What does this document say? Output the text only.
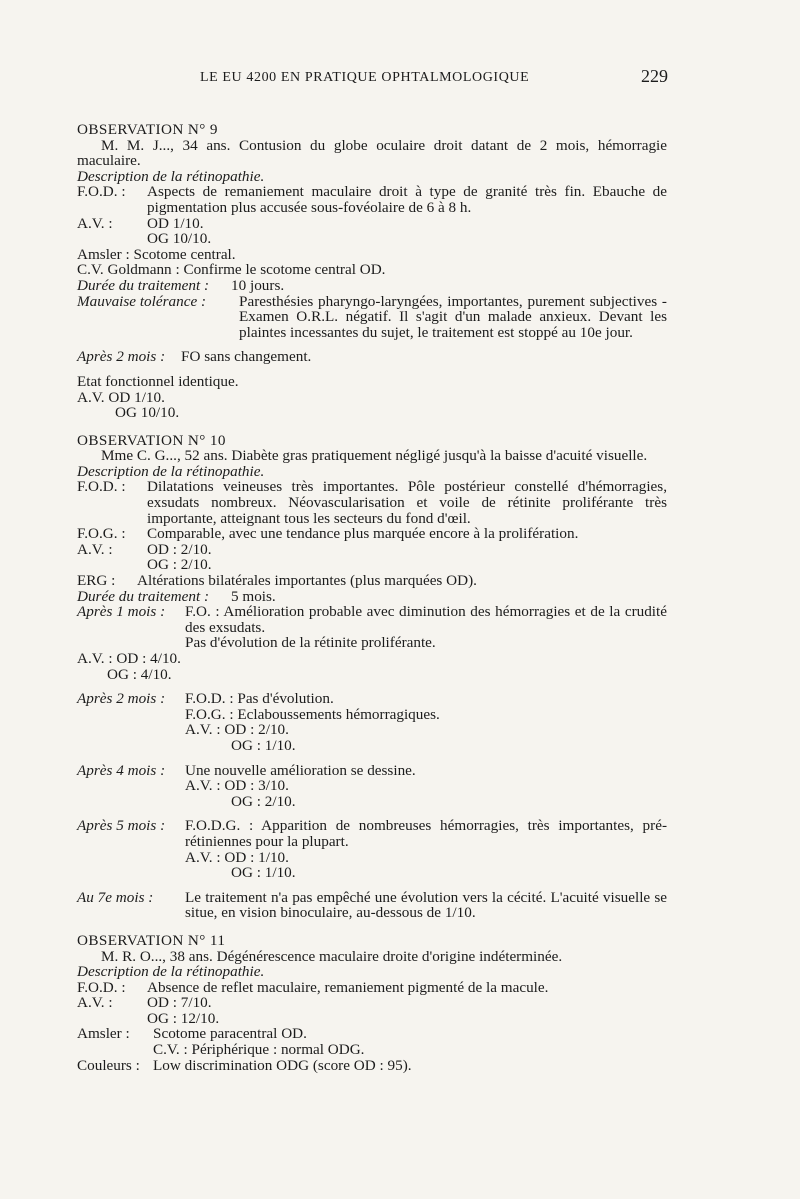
LE EU 4200 EN PRATIQUE OPHTALMOLOGIQUE	229
OBSERVATION N° 9
M. M. J..., 34 ans. Contusion du globe oculaire droit datant de 2 mois, hémorragie maculaire.
Description de la rétinopathie.
F.O.D. :	Aspects de remaniement maculaire droit à type de granité très fin. Ebauche de pigmentation plus accusée sous-fovéolaire de 6 à 8 h.
A.V. :	OD 1/10.
OG 10/10.
Amsler : Scotome central.
C.V. Goldmann : Confirme le scotome central OD.
Durée du traitement :	10 jours.
Mauvaise tolérance :	Paresthésies pharyngo-laryngées, importantes, purement subjectives - Examen O.R.L. négatif. Il s'agit d'un malade anxieux. Devant les plaintes incessantes du sujet, le traitement est stoppé au 10e jour.
Après 2 mois :	FO sans changement.
Etat fonctionnel identique.
A.V. OD 1/10.
OG 10/10.
OBSERVATION N° 10
Mme C. G..., 52 ans. Diabète gras pratiquement négligé jusqu'à la baisse d'acuité visuelle.
Description de la rétinopathie.
F.O.D. :	Dilatations veineuses très importantes. Pôle postérieur constellé d'hémorragies, exsudats nombreux. Néovascularisation et voile de rétinite proliférante très importante, atteignant tous les secteurs du fond d'œil.
F.O.G. :	Comparable, avec une tendance plus marquée encore à la prolifération.
A.V. :	OD : 2/10.
OG : 2/10.
ERG :	Altérations bilatérales importantes (plus marquées OD).
Durée du traitement :	5 mois.
Après 1 mois :	F.O. : Amélioration probable avec diminution des hémorragies et de la crudité des exsudats.
Pas d'évolution de la rétinite proliférante.
A.V. : OD : 4/10.
OG : 4/10.
Après 2 mois :	F.O.D. : Pas d'évolution.
F.O.G. : Eclaboussements hémorragiques.
A.V. : OD : 2/10.
OG : 1/10.
Après 4 mois :	Une nouvelle amélioration se dessine.
A.V. : OD : 3/10.
OG : 2/10.
Après 5 mois :	F.O.D.G. : Apparition de nombreuses hémorragies, très importantes, pré-rétiniennes pour la plupart.
A.V. : OD : 1/10.
OG : 1/10.
Au 7e mois :	Le traitement n'a pas empêché une évolution vers la cécité. L'acuité visuelle se situe, en vision binoculaire, au-dessous de 1/10.
OBSERVATION N° 11
M. R. O..., 38 ans. Dégénérescence maculaire droite d'origine indéterminée.
Description de la rétinopathie.
F.O.D. :	Absence de reflet maculaire, remaniement pigmenté de la macule.
A.V. :	OD : 7/10.
OG : 12/10.
Amsler :	Scotome paracentral OD.
C.V. : Périphérique : normal ODG.
Couleurs : Low discrimination ODG (score OD : 95).
